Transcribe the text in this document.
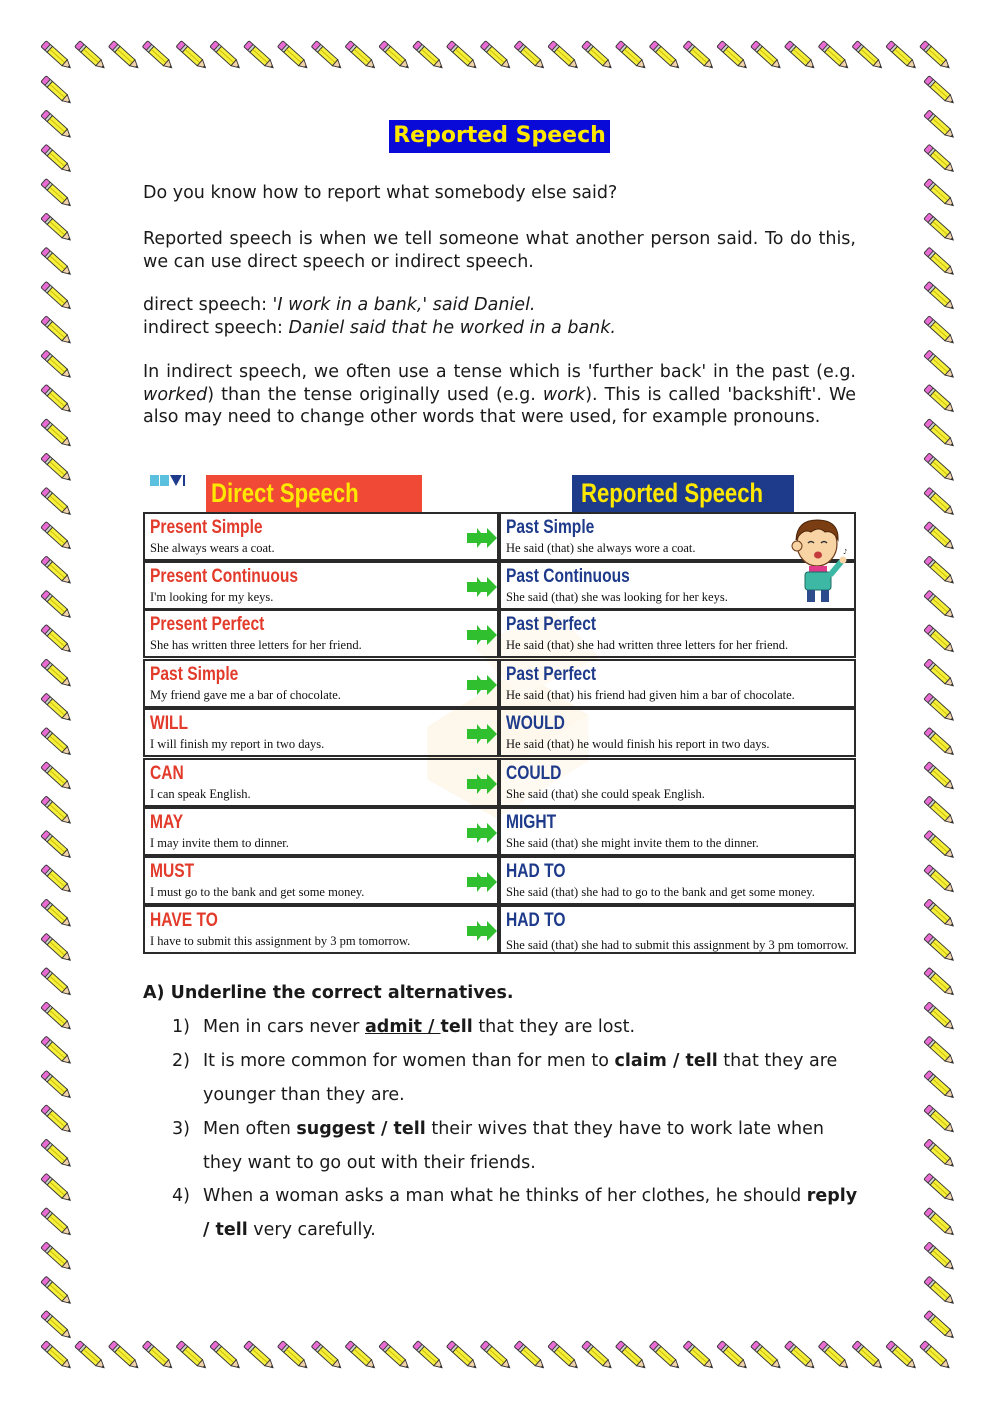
Reported Speech

Do you know how to report what somebody else said?

Reported speech is when we tell someone what another person said. To do this, we can use direct speech or indirect speech.

direct speech: 'I work in a bank,' said Daniel.
indirect speech: Daniel said that he worked in a bank.

In indirect speech, we often use a tense which is 'further back' in the past (e.g. worked) than the tense originally used (e.g. work). This is called 'backshift'. We also may need to change other words that were used, for example pronouns.

Direct Speech	Reported Speech
Present Simple
She always wears a coat.
Past Simple
He said (that) she always wore a coat.
Present Continuous
I'm looking for my keys.
Past Continuous
She said (that) she was looking for her keys.
Present Perfect
She has written three letters for her friend.
Past Perfect
He said (that) she had written three letters for her friend.
Past Simple
My friend gave me a bar of chocolate.
Past Perfect
He said (that) his friend had given him a bar of chocolate.
WILL
I will finish my report in two days.
WOULD
He said (that) he would finish his report in two days.
CAN
I can speak English.
COULD
She said (that) she could speak English.
MAY
I may invite them to dinner.
MIGHT
She said (that) she might invite them to the dinner.
MUST
I must go to the bank and get some money.
HAD TO
She said (that) she had to go to the bank and get some money.
HAVE TO
I have to submit this assignment by 3 pm tomorrow.
HAD TO
She said (that) she had to submit this assignment by 3 pm tomorrow.
♪
A) Underline the correct alternatives.
1) Men in cars never admit / tell that they are lost.
2) It is more common for women than for men to claim / tell that they are younger than they are.
3) Men often suggest / tell their wives that they have to work late when they want to go out with their friends.
4) When a woman asks a man what he thinks of her clothes, he should reply / tell very carefully.
